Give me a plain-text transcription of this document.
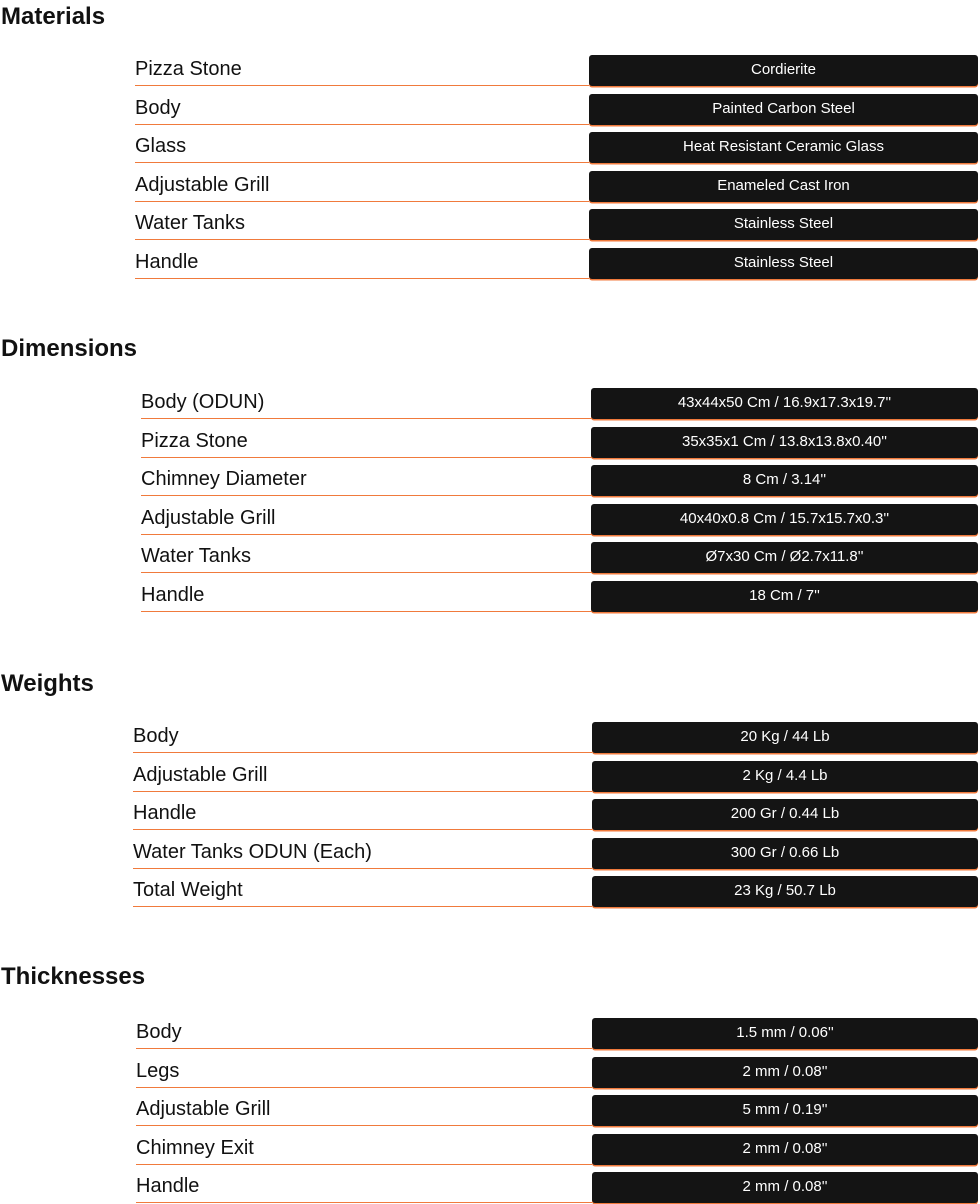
Materials
Pizza Stone	Cordierite
Body	Painted Carbon Steel
Glass	Heat Resistant Ceramic Glass
Adjustable Grill	Enameled Cast Iron
Water Tanks	Stainless Steel
Handle	Stainless Steel
Dimensions
Body (ODUN)	43x44x50 Cm / 16.9x17.3x19.7''
Pizza Stone	35x35x1 Cm / 13.8x13.8x0.40''
Chimney Diameter	8 Cm / 3.14''
Adjustable Grill	40x40x0.8 Cm / 15.7x15.7x0.3''
Water Tanks	Ø7x30 Cm / Ø2.7x11.8''
Handle	18 Cm / 7''
Weights
Body	20 Kg / 44 Lb
Adjustable Grill	2 Kg / 4.4 Lb
Handle	200 Gr / 0.44 Lb
Water Tanks ODUN (Each)	300 Gr / 0.66 Lb
Total Weight	23 Kg / 50.7 Lb
Thicknesses
Body	1.5 mm / 0.06''
Legs	2 mm / 0.08''
Adjustable Grill	5 mm / 0.19''
Chimney Exit	2 mm / 0.08''
Handle	2 mm / 0.08''
